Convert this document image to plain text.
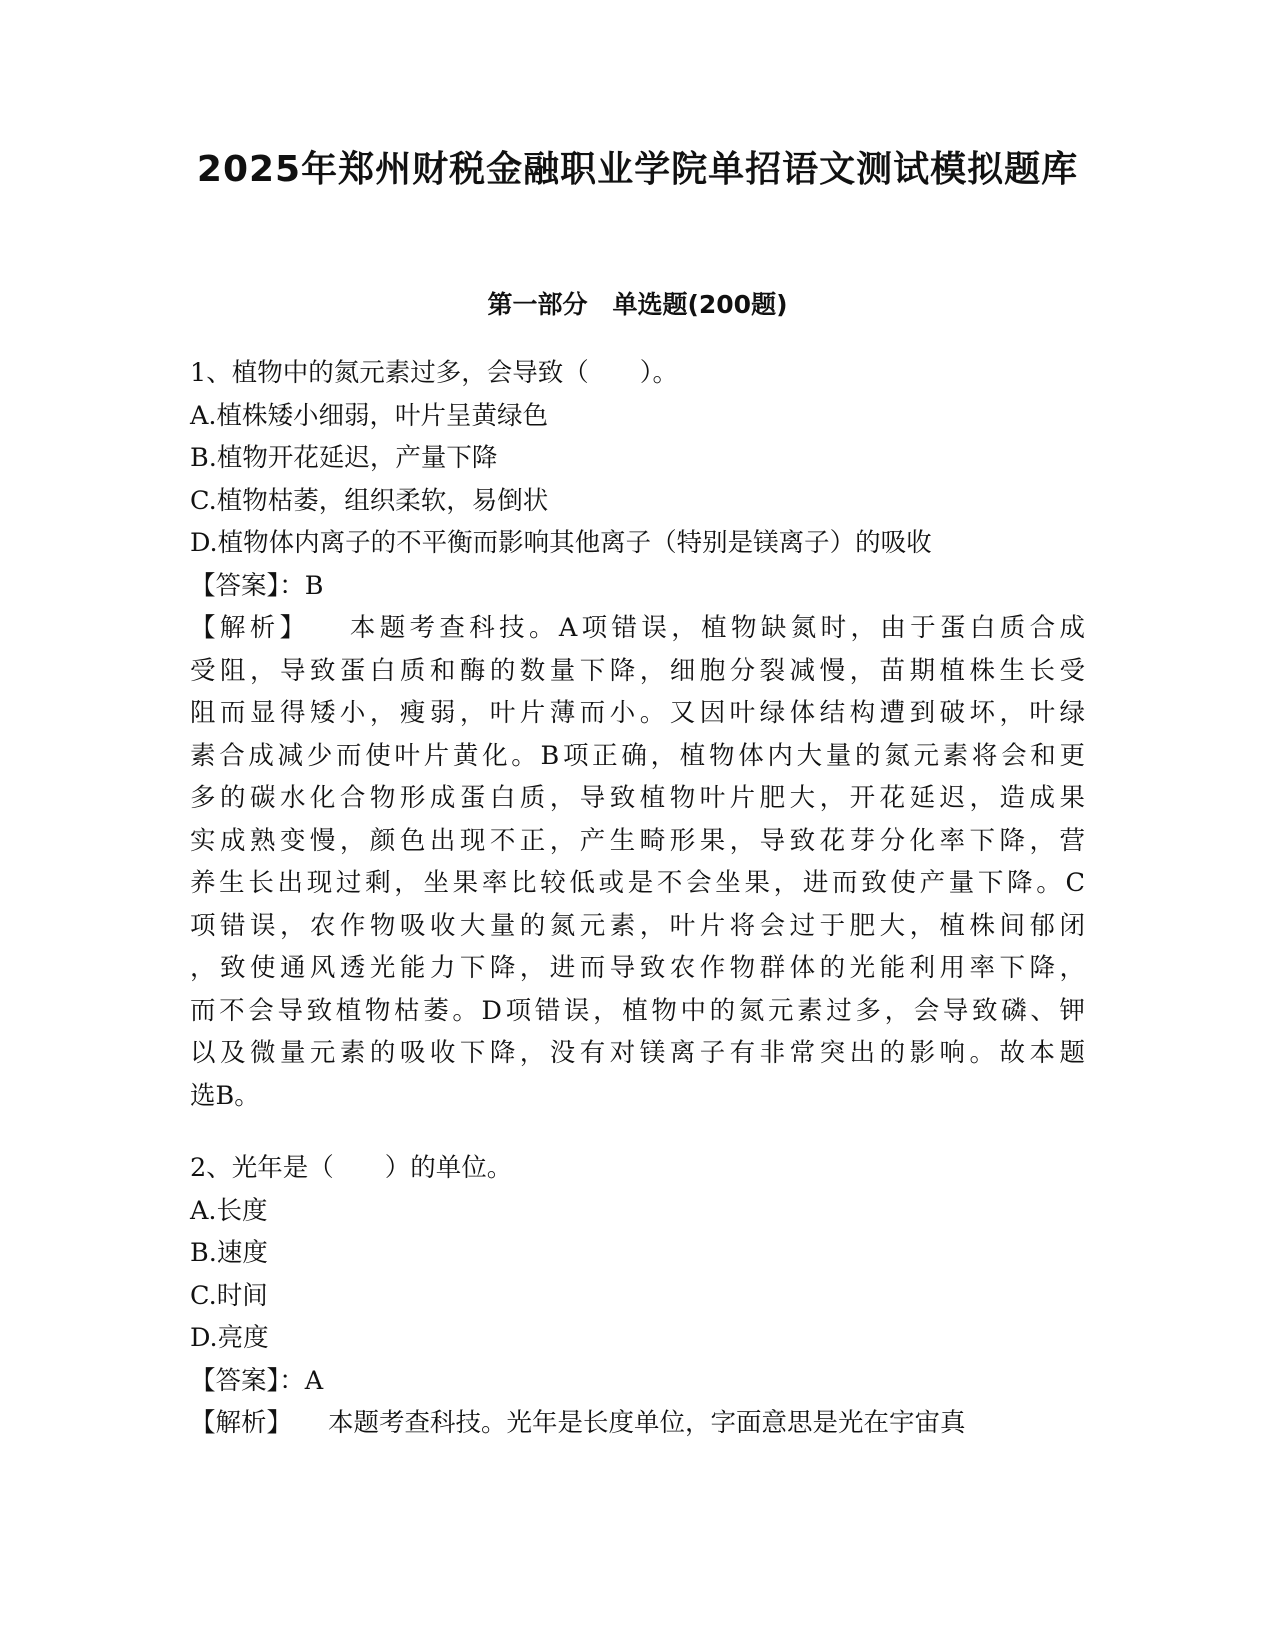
2025年郑州财税金融职业学院单招语文测试模拟题库
第一部分　单选题(200题)
1、植物中的氮元素过多，会导致（　　）。
A.植株矮小细弱，叶片呈黄绿色
B.植物开花延迟，产量下降
C.植物枯萎，组织柔软，易倒状
D.植物体内离子的不平衡而影响其他离子（特别是镁离子）的吸收
【答案】：B
【解析】 本题考查科技。A项错误，植物缺氮时，由于蛋白质合成
受阻，导致蛋白质和酶的数量下降，细胞分裂减慢，苗期植株生长受
阻而显得矮小，瘦弱，叶片薄而小。又因叶绿体结构遭到破坏，叶绿
素合成减少而使叶片黄化。B项正确，植物体内大量的氮元素将会和更
多的碳水化合物形成蛋白质，导致植物叶片肥大，开花延迟，造成果
实成熟变慢，颜色出现不正，产生畸形果，导致花芽分化率下降，营
养生长出现过剩，坐果率比较低或是不会坐果，进而致使产量下降。C
项错误，农作物吸收大量的氮元素，叶片将会过于肥大，植株间郁闭
，致使通风透光能力下降，进而导致农作物群体的光能利用率下降，
而不会导致植物枯萎。D项错误，植物中的氮元素过多，会导致磷、钾
以及微量元素的吸收下降，没有对镁离子有非常突出的影响。故本题
选B。
2、光年是（　　）的单位。
A.长度
B.速度
C.时间
D.亮度
【答案】：A
【解析】 本题考查科技。光年是长度单位，字面意思是光在宇宙真
